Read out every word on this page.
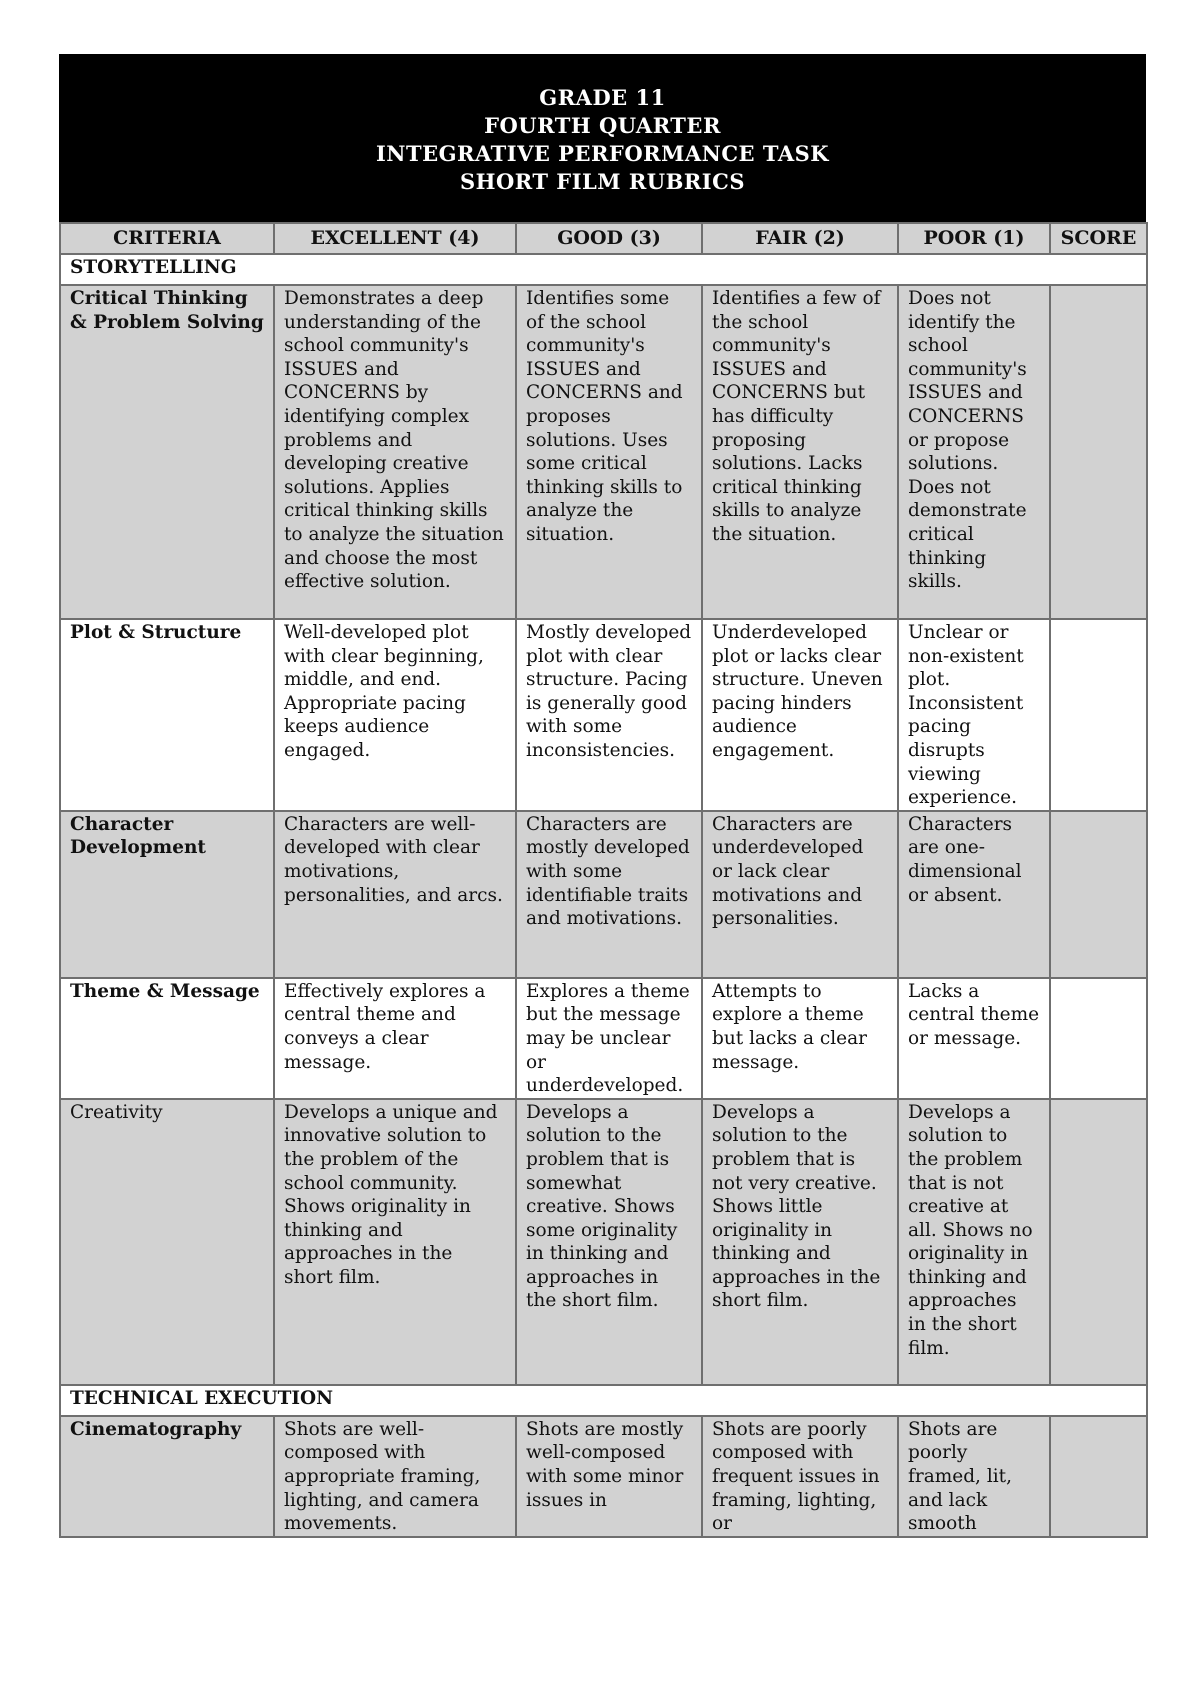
GRADE 11
FOURTH QUARTER
INTEGRATIVE PERFORMANCE TASK
SHORT FILM RUBRICS
CRITERIA	EXCELLENT (4)	GOOD (3)	FAIR (2)	POOR (1)	SCORE
STORYTELLING					
Critical Thinking & Problem Solving	Demonstrates a deep understanding of the school community's ISSUES and CONCERNS by identifying complex problems and developing creative solutions. Applies critical thinking skills to analyze the situation and choose the most effective solution.	Identifies some of the school community's ISSUES and CONCERNS and proposes solutions. Uses some critical thinking skills to analyze the situation.	Identifies a few of the school community's ISSUES and CONCERNS but has difficulty proposing solutions. Lacks critical thinking skills to analyze the situation.	Does not identify the school community's ISSUES and CONCERNS or propose solutions. Does not demonstrate critical thinking skills.	
Plot & Structure	Well-developed plot with clear beginning, middle, and end. Appropriate pacing keeps audience engaged.	Mostly developed plot with clear structure. Pacing is generally good with some inconsistencies.	Underdeveloped plot or lacks clear structure. Uneven pacing hinders audience engagement.	Unclear or non-existent plot. Inconsistent pacing disrupts viewing experience.	
Character Development	Characters are well-developed with clear motivations, personalities, and arcs.	Characters are mostly developed with some identifiable traits and motivations.	Characters are underdeveloped or lack clear motivations and personalities.	Characters are one-dimensional or absent.	
Theme & Message	Effectively explores a central theme and conveys a clear message.	Explores a theme but the message may be unclear or underdeveloped.	Attempts to explore a theme but lacks a clear message.	Lacks a central theme or message.	
Creativity	Develops a unique and innovative solution to the problem of the school community. Shows originality in thinking and approaches in the short film.	Develops a solution to the problem that is somewhat creative. Shows some originality in thinking and approaches in the short film.	Develops a solution to the problem that is not very creative. Shows little originality in thinking and approaches in the short film.	Develops a solution to the problem that is not creative at all. Shows no originality in thinking and approaches in the short film.	
TECHNICAL EXECUTION					
Cinematography	Shots are well-composed with appropriate framing, lighting, and camera movements.	Shots are mostly well-composed with some minor issues in	Shots are poorly composed with frequent issues in framing, lighting, or	Shots are poorly framed, lit, and lack smooth	
